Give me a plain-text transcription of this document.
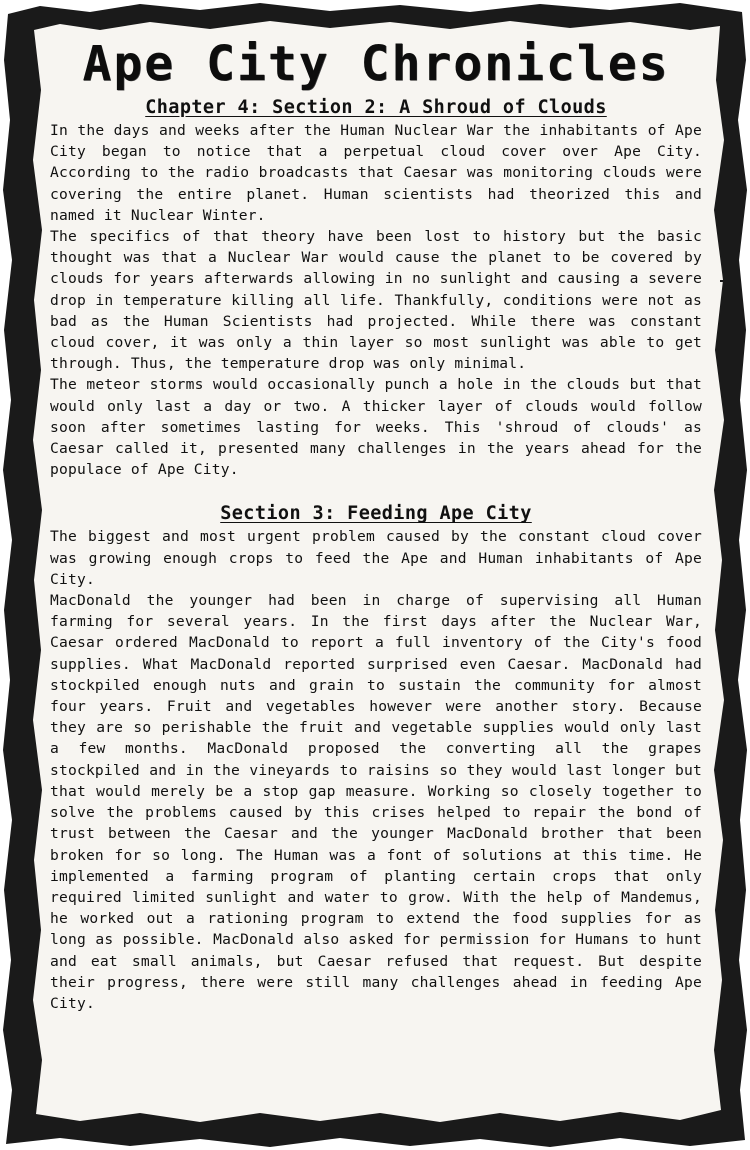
Ape City Chronicles
Chapter 4: Section 2: A Shroud of Clouds

In the days and weeks after the Human Nuclear War the inhabitants of Ape City began to notice that a perpetual cloud cover over Ape City. According to the radio broadcasts that Caesar was monitoring clouds were covering the entire planet. Human scientists had theorized this and named it Nuclear Winter.

The specifics of that theory have been lost to history but the basic thought was that a Nuclear War would cause the planet to be covered by clouds for years afterwards allowing in no sunlight and causing a severe drop in temperature killing all life. Thankfully, conditions were not as bad as the Human Scientists had projected. While there was constant cloud cover, it was only a thin layer so most sunlight was able to get through. Thus, the temperature drop was only minimal.

The meteor storms would occasionally punch a hole in the clouds but that would only last a day or two. A thicker layer of clouds would follow soon after sometimes lasting for weeks. This 'shroud of clouds' as Caesar called it, presented many challenges in the years ahead for the populace of Ape City.

Section 3: Feeding Ape City

The biggest and most urgent problem caused by the constant cloud cover was growing enough crops to feed the Ape and Human inhabitants of Ape City.

MacDonald the younger had been in charge of supervising all Human farming for several years. In the first days after the Nuclear War, Caesar ordered MacDonald to report a full inventory of the City's food supplies. What MacDonald reported surprised even Caesar. MacDonald had stockpiled enough nuts and grain to sustain the community for almost four years. Fruit and vegetables however were another story. Because they are so perishable the fruit and vegetable supplies would only last a few months. MacDonald proposed the converting all the grapes stockpiled and in the vineyards to raisins so they would last longer but that would merely be a stop gap measure. Working so closely together to solve the problems caused by this crises helped to repair the bond of trust between the Caesar and the younger MacDonald brother that been broken for so long. The Human was a font of solutions at this time. He implemented a farming program of planting certain crops that only required limited sunlight and water to grow. With the help of Mandemus, he worked out a rationing program to extend the food supplies for as long as possible. MacDonald also asked for permission for Humans to hunt and eat small animals, but Caesar refused that request. But despite their progress, there were still many challenges ahead in feeding Ape City.
